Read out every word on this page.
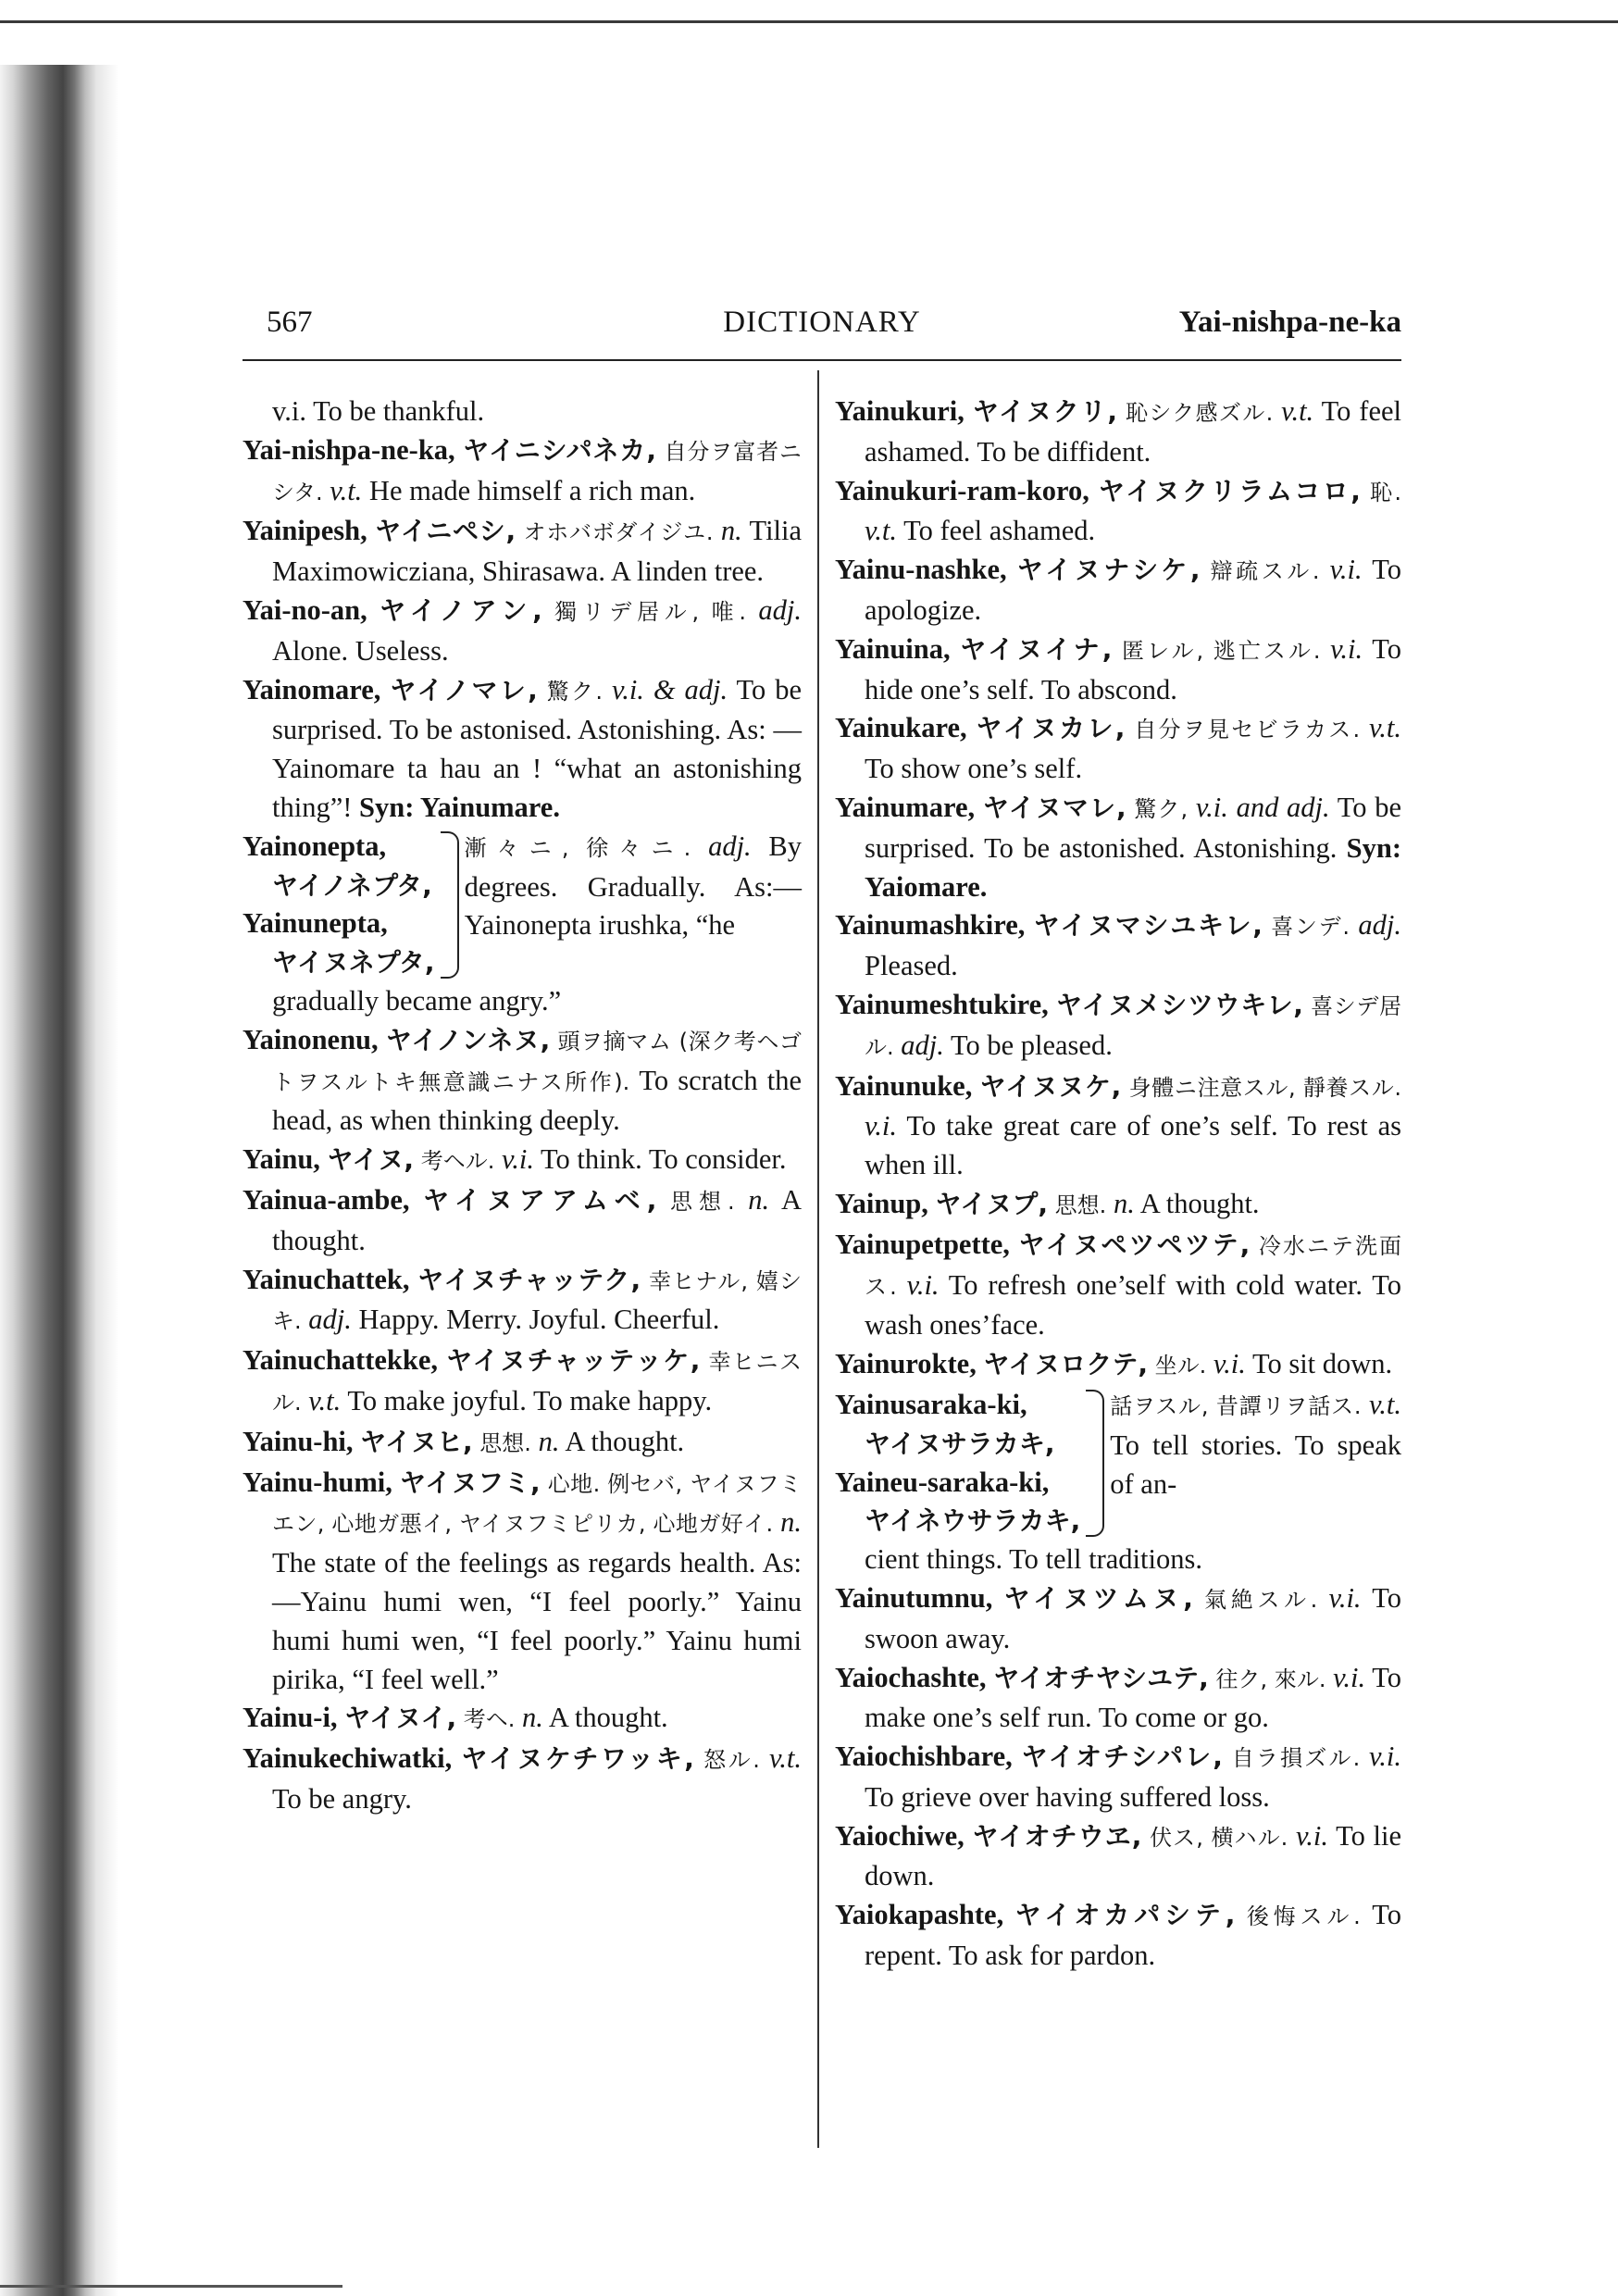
567	DICTIONARY	Yai-nishpa-ne-ka
v.i. To be thankful.
Yai-nishpa-ne-ka, ヤイニシパネカ, 自分ヲ富者ニシタ. v.t. He made himself a rich man.
Yainipesh, ヤイニペシ, オホバボダイジユ. n. Tilia Maximowicziana, Shirasawa. A linden tree.
Yai-no-an, ヤイノアン, 獨リデ居ル, 唯. adj. Alone. Useless.
Yainomare, ヤイノマレ, 驚ク. v.i. & adj. To be surprised. To be astonised. Astonishing. As: — Yainomare ta hau an ! “what an astonishing thing”! Syn: Yainumare.
Yainonepta,
ヤイノネプタ,
Yainunepta,
ヤイヌネプタ,
漸々ニ, 徐々ニ. adj. By degrees. Gradually. As:—Yainonepta irushka, “he
gradually became angry.”
Yainonenu, ヤイノンネヌ, 頭ヲ摘マム (深ク考ヘゴトヲスルトキ無意識ニナス所作). To scratch the head, as when thinking deeply.
Yainu, ヤイヌ, 考ヘル. v.i. To think. To consider.
Yainua-ambe, ヤイヌアアムベ, 思想. n. A thought.
Yainuchattek, ヤイヌチャッテク, 幸ヒナル, 嬉シキ. adj. Happy. Merry. Joyful. Cheerful.
Yainuchattekke, ヤイヌチャッテッケ, 幸ヒニスル. v.t. To make joyful. To make happy.
Yainu-hi, ヤイヌヒ, 思想. n. A thought.
Yainu-humi, ヤイヌフミ, 心地. 例セバ, ヤイヌフミエン, 心地ガ悪イ, ヤイヌフミピリカ, 心地ガ好イ. n. The state of the feelings as regards health. As:—Yainu humi wen, “I feel poorly.” Yainu humi humi wen, “I feel poorly.” Yainu humi pirika, “I feel well.”
Yainu-i, ヤイヌイ, 考ヘ. n. A thought.
Yainukechiwatki, ヤイヌケチワッキ, 怒ル. v.t. To be angry.
Yainukuri, ヤイヌクリ, 恥シク感ズル. v.t. To feel ashamed. To be diffident.
Yainukuri-ram-koro, ヤイヌクリラムコロ, 恥. v.t. To feel ashamed.
Yainu-nashke, ヤイヌナシケ, 辯疏スル. v.i. To apologize.
Yainuina, ヤイヌイナ, 匿レル, 逃亡スル. v.i. To hide one’s self. To abscond.
Yainukare, ヤイヌカレ, 自分ヲ見セビラカス. v.t. To show one’s self.
Yainumare, ヤイヌマレ, 驚ク, v.i. and adj. To be surprised. To be astonished. Astonishing. Syn: Yaiomare.
Yainumashkire, ヤイヌマシユキレ, 喜ンデ. adj. Pleased.
Yainumeshtukire, ヤイヌメシツウキレ, 喜シデ居ル. adj. To be pleased.
Yainunuke, ヤイヌヌケ, 身體ニ注意スル, 靜養スル. v.i. To take great care of one’s self. To rest as when ill.
Yainup, ヤイヌプ, 思想. n. A thought.
Yainupetpette, ヤイヌペツペツテ, 冷水ニテ洗面ス. v.i. To refresh one’self with cold water. To wash ones’face.
Yainurokte, ヤイヌロクテ, 坐ル. v.i. To sit down.
Yainusaraka-ki,
ヤイヌサラカキ,
Yaineu-saraka-ki,
ヤイネウサラカキ,
話ヲスル, 昔譚リヲ話ス. v.t. To tell stories. To speak of an-
cient things. To tell traditions.
Yainutumnu, ヤイヌツムヌ, 氣絶スル. v.i. To swoon away.
Yaiochashte, ヤイオチヤシユテ, 往ク, 來ル. v.i. To make one’s self run. To come or go.
Yaiochishbare, ヤイオチシパレ, 自ラ損ズル. v.i. To grieve over having suffered loss.
Yaiochiwe, ヤイオチウヱ, 伏ス, 横ハル. v.i. To lie down.
Yaiokapashte, ヤイオカパシテ, 後悔スル. To repent. To ask for pardon.
